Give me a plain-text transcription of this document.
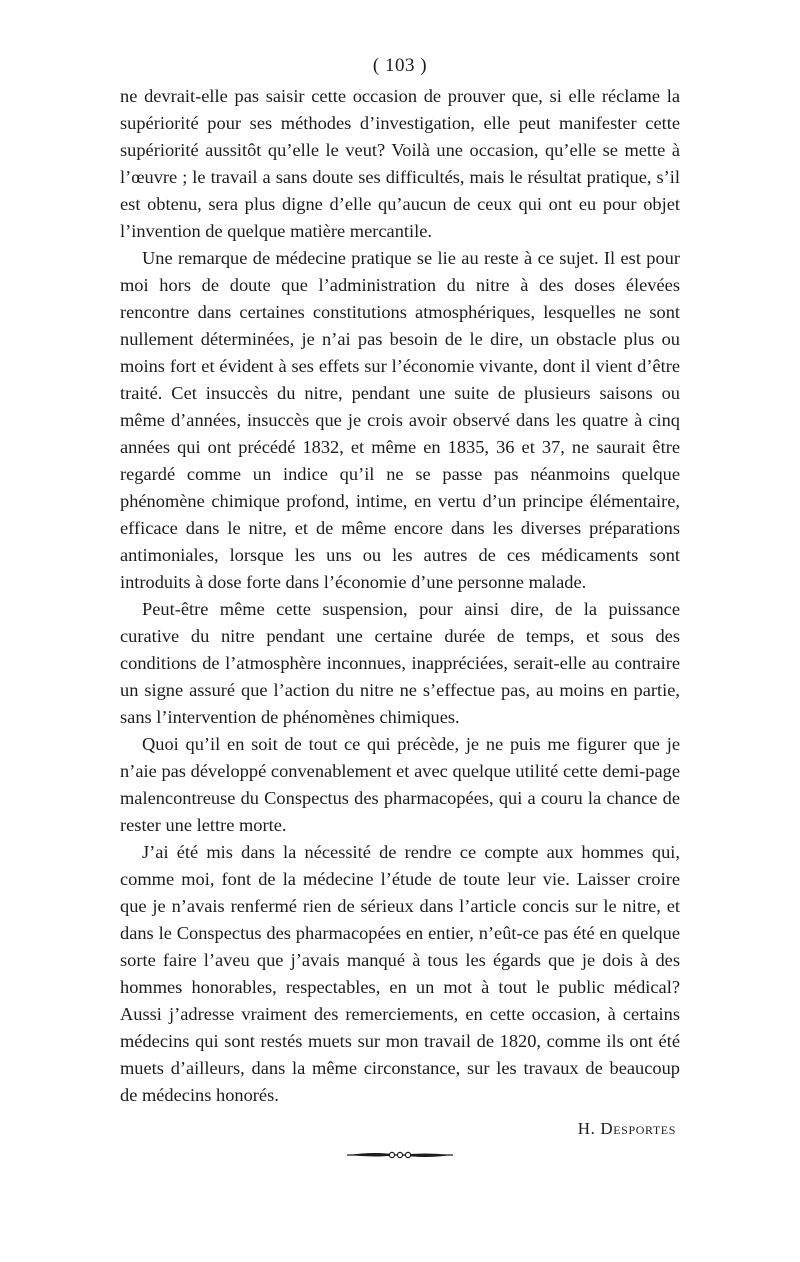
( 103 )

ne devrait-elle pas saisir cette occasion de prouver que, si elle réclame la supériorité pour ses méthodes d’investigation, elle peut manifester cette supériorité aussitôt qu’elle le veut? Voilà une occasion, qu’elle se mette à l’œuvre ; le travail a sans doute ses difficultés, mais le résultat pratique, s’il est obtenu, sera plus digne d’elle qu’aucun de ceux qui ont eu pour objet l’invention de quelque matière mercantile.

Une remarque de médecine pratique se lie au reste à ce sujet. Il est pour moi hors de doute que l’administration du nitre à des doses élevées rencontre dans certaines constitutions atmosphériques, lesquelles ne sont nullement déterminées, je n’ai pas besoin de le dire, un obstacle plus ou moins fort et évident à ses effets sur l’économie vivante, dont il vient d’être traité. Cet insuccès du nitre, pendant une suite de plusieurs saisons ou même d’années, insuccès que je crois avoir observé dans les quatre à cinq années qui ont précédé 1832, et même en 1835, 36 et 37, ne saurait être regardé comme un indice qu’il ne se passe pas néanmoins quelque phénomène chimique profond, intime, en vertu d’un principe élémentaire, efficace dans le nitre, et de même encore dans les diverses préparations antimoniales, lorsque les uns ou les autres de ces médicaments sont introduits à dose forte dans l’économie d’une personne malade.

Peut-être même cette suspension, pour ainsi dire, de la puissance curative du nitre pendant une certaine durée de temps, et sous des conditions de l’atmosphère inconnues, inappréciées, serait-elle au contraire un signe assuré que l’action du nitre ne s’effectue pas, au moins en partie, sans l’intervention de phénomènes chimiques.

Quoi qu’il en soit de tout ce qui précède, je ne puis me figurer que je n’aie pas développé convenablement et avec quelque utilité cette demi-page malencontreuse du Conspectus des pharmacopées, qui a couru la chance de rester une lettre morte.

J’ai été mis dans la nécessité de rendre ce compte aux hommes qui, comme moi, font de la médecine l’étude de toute leur vie. Laisser croire que je n’avais renfermé rien de sérieux dans l’article concis sur le nitre, et dans le Conspectus des pharmacopées en entier, n’eût-ce pas été en quelque sorte faire l’aveu que j’avais manqué à tous les égards que je dois à des hommes honorables, respectables, en un mot à tout le public médical? Aussi j’adresse vraiment des remerciements, en cette occasion, à certains médecins qui sont restés muets sur mon travail de 1820, comme ils ont été muets d’ailleurs, dans la même circonstance, sur les travaux de beaucoup de médecins honorés.

H. Desportes
